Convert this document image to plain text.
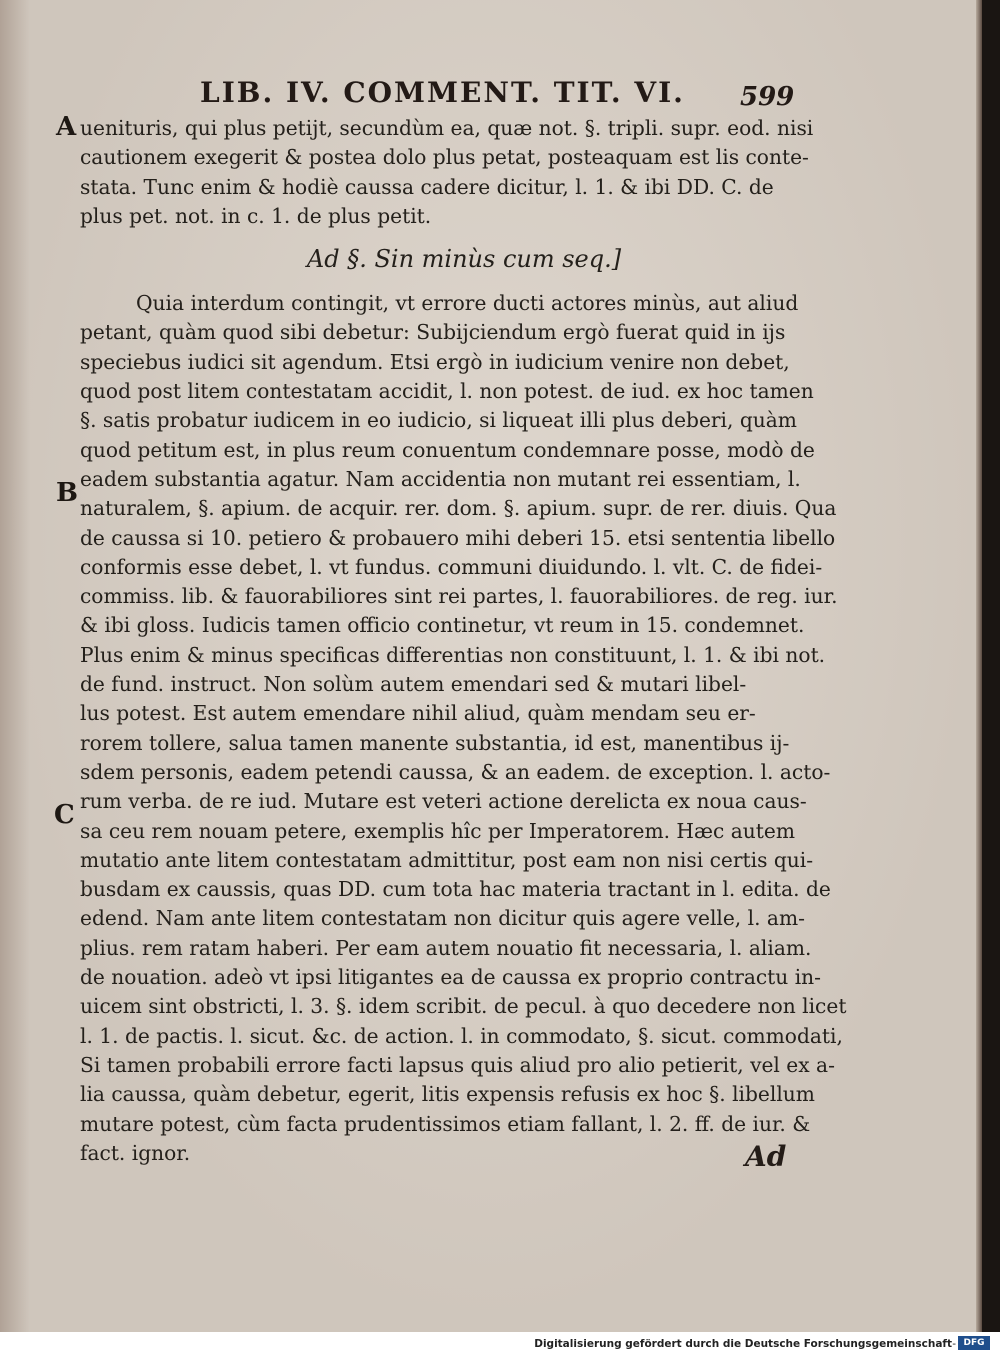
LIB. IV. COMMENT. TIT. VI.	599
A
B
C
uenituris, qui plus petijt, secundùm ea, quæ not. §. tripli. supr. eod. nisi
cautionem exegerit & postea dolo plus petat, posteaquam est lis conte-
stata. Tunc enim & hodiè caussa cadere dicitur, l. 1. & ibi DD. C. de
plus pet. not. in c. 1. de plus petit.
Ad §. Sin minùs cum seq.]
Quia interdum contingit, vt errore ducti actores minùs, aut aliud
petant, quàm quod sibi debetur: Subijciendum ergò fuerat quid in ijs
speciebus iudici sit agendum. Etsi ergò in iudicium venire non debet,
quod post litem contestatam accidit, l. non potest. de iud. ex hoc tamen
§. satis probatur iudicem in eo iudicio, si liqueat illi plus deberi, quàm
quod petitum est, in plus reum conuentum condemnare posse, modò de
eadem substantia agatur. Nam accidentia non mutant rei essentiam, l.
naturalem, §. apium. de acquir. rer. dom. §. apium. supr. de rer. diuis. Qua
de caussa si 10. petiero & probauero mihi deberi 15. etsi sententia libello
conformis esse debet, l. vt fundus. communi diuidundo. l. vlt. C. de fidei-
commiss. lib. & fauorabiliores sint rei partes, l. fauorabiliores. de reg. iur.
& ibi gloss. Iudicis tamen officio continetur, vt reum in 15. condemnet.
Plus enim & minus specificas differentias non constituunt, l. 1. & ibi not.
de fund. instruct. Non solùm autem emendari sed & mutari libel-
lus potest. Est autem emendare nihil aliud, quàm mendam seu er-
rorem tollere, salua tamen manente substantia, id est, manentibus ij-
sdem personis, eadem petendi caussa, & an eadem. de exception. l. acto-
rum verba. de re iud. Mutare est veteri actione derelicta ex noua caus-
sa ceu rem nouam petere, exemplis hîc per Imperatorem. Hæc autem
mutatio ante litem contestatam admittitur, post eam non nisi certis qui-
busdam ex caussis, quas DD. cum tota hac materia tractant in l. edita. de
edend. Nam ante litem contestatam non dicitur quis agere velle, l. am-
plius. rem ratam haberi. Per eam autem nouatio fit necessaria, l. aliam.
de nouation. adeò vt ipsi litigantes ea de caussa ex proprio contractu in-
uicem sint obstricti, l. 3. §. idem scribit. de pecul. à quo decedere non licet
l. 1. de pactis. l. sicut. &c. de action. l. in commodato, §. sicut. commodati,
Si tamen probabili errore facti lapsus quis aliud pro alio petierit, vel ex a-
lia caussa, quàm debetur, egerit, litis expensis refusis ex hoc §. libellum
mutare potest, cùm facta prudentissimos etiam fallant, l. 2. ff. de iur. &
fact. ignor.	Ad
Digitalisierung gefördert durch die Deutsche Forschungsgemeinschaft - DFG
